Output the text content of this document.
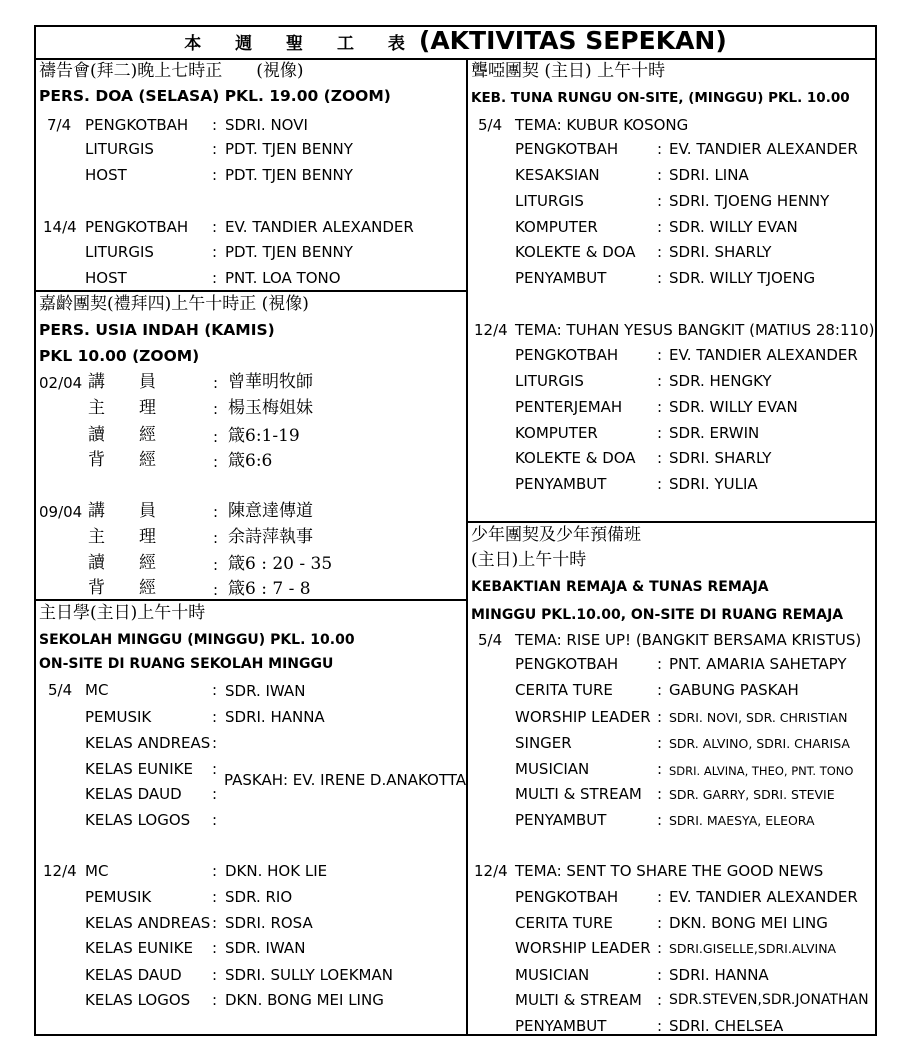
本 週 聖 工 表(AKTIVITAS SEPEKAN)
禱告會(拜二)晚上七時正　　(視像)
PERS. DOA (SELASA) PKL. 19.00 (ZOOM)
7/4 PENGKOTBAH : SDRI. NOVI
LITURGIS	: PDT. TJEN BENNY
HOST	: PDT. TJEN BENNY
14/4 PENGKOTBAH : EV. TANDIER ALEXANDER
LITURGIS	: PDT. TJEN BENNY
HOST	: PNT. LOA TONO
嘉齡團契(禮拜四)上午十時正 (視像)
PERS. USIA INDAH (KAMIS)
PKL 10.00 (ZOOM)
02/04 講　　員	: 曾華明牧師
主　　理	: 楊玉梅姐妹
讀　　經	: 箴6:1-19
背　　經	: 箴6:6
09/04 講　　員	: 陳意達傳道
主　　理	: 余詩萍執事
讀　　經	: 箴6 : 20 - 35
背　　經	: 箴6 : 7 - 8
主日學(主日)上午十時
SEKOLAH MINGGU (MINGGU) PKL. 10.00
ON-SITE DI RUANG SEKOLAH MINGGU
5/4 MC	: SDR. IWAN
PEMUSIK	: SDRI. HANNA
KELAS ANDREAS :
KELAS EUNIKE :
KELAS DAUD :
KELAS LOGOS :
PASKAH: EV. IRENE D.ANAKOTTA
12/4 MC	: DKN. HOK LIE
PEMUSIK	: SDR. RIO
KELAS ANDREAS : SDRI. ROSA
KELAS EUNIKE : SDR. IWAN
KELAS DAUD : SDRI. SULLY LOEKMAN
KELAS LOGOS : DKN. BONG MEI LING
聾啞團契 (主日) 上午十時
KEB. TUNA RUNGU ON-SITE, (MINGGU) PKL. 10.00
5/4 TEMA: KUBUR KOSONG
PENGKOTBAH	: EV. TANDIER ALEXANDER
KESAKSIAN	: SDRI. LINA
LITURGIS	: SDRI. TJOENG HENNY
KOMPUTER	: SDR. WILLY EVAN
KOLEKTE & DOA : SDRI. SHARLY
PENYAMBUT	: SDR. WILLY TJOENG
12/4 TEMA: TUHAN YESUS BANGKIT (MATIUS 28:110)
PENGKOTBAH	: EV. TANDIER ALEXANDER
LITURGIS	: SDR. HENGKY
PENTERJEMAH : SDR. WILLY EVAN
KOMPUTER	: SDR. ERWIN
KOLEKTE & DOA : SDRI. SHARLY
PENYAMBUT	: SDRI. YULIA
少年團契及少年預備班
(主日)上午十時
KEBAKTIAN REMAJA & TUNAS REMAJA
MINGGU PKL.10.00, ON-SITE DI RUANG REMAJA
5/4 TEMA: RISE UP! (BANGKIT BERSAMA KRISTUS)
PENGKOTBAH	: PNT. AMARIA SAHETAPY
CERITA TURE	: GABUNG PASKAH
WORSHIP LEADER : SDRI. NOVI, SDR. CHRISTIAN
SINGER	: SDR. ALVINO, SDRI. CHARISA
MUSICIAN	: SDRI. ALVINA, THEO, PNT. TONO
MULTI & STREAM : SDR. GARRY, SDRI. STEVIE
PENYAMBUT	: SDRI. MAESYA, ELEORA
12/4 TEMA: SENT TO SHARE THE GOOD NEWS
PENGKOTBAH	: EV. TANDIER ALEXANDER
CERITA TURE	: DKN. BONG MEI LING
WORSHIP LEADER : SDRI.GISELLE,SDRI.ALVINA
MUSICIAN	: SDRI. HANNA
MULTI & STREAM : SDR.STEVEN,SDR.JONATHAN
PENYAMBUT	: SDRI. CHELSEA
